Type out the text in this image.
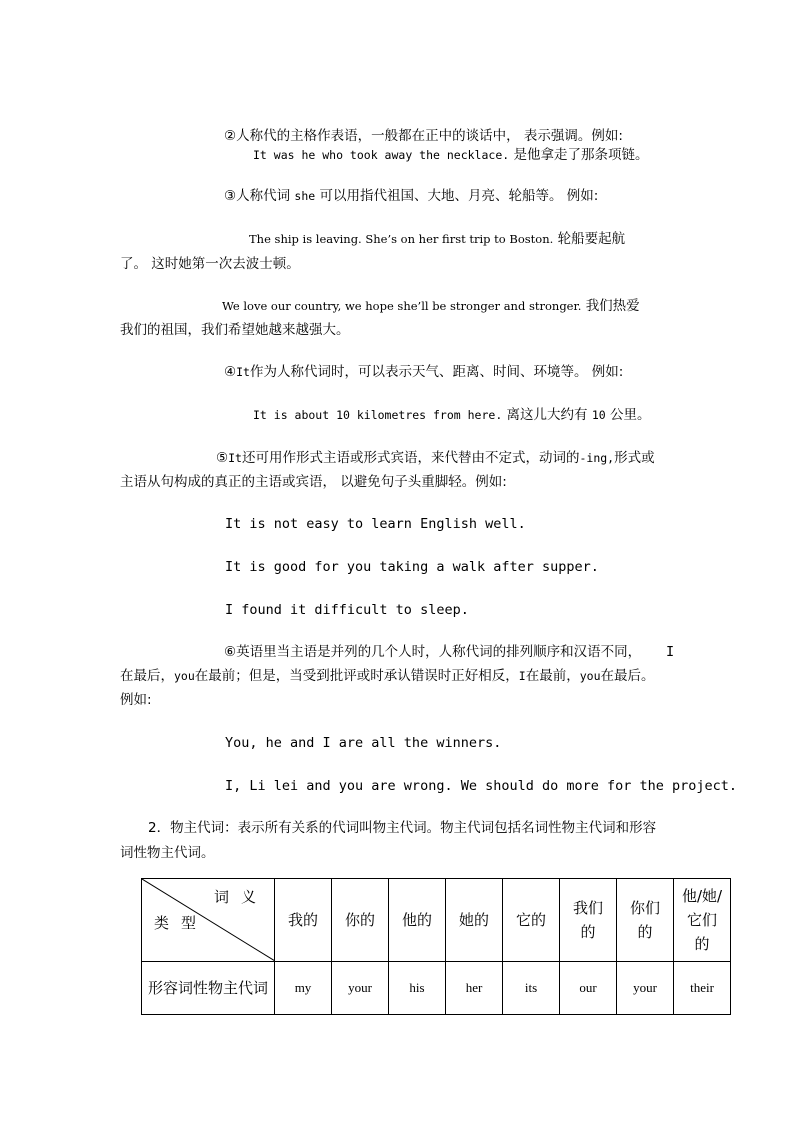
②人称代的主格作表语，一般都在正中的谈话中， 表示强调。例如:
It was he who took away the necklace. 是他拿走了那条项链。
③人称代词 she 可以用指代祖国、大地、月亮、轮船等。 例如:
The ship is leaving. She’s on her first trip to Boston. 轮船要起航
了。 这时她第一次去波士顿。
We love our country, we hope she’ll be stronger and stronger. 我们热爱
我们的祖国，我们希望她越来越强大。
④It作为人称代词时，可以表示天气、距离、时间、环境等。 例如:
It is about 10 kilometres from here. 离这儿大约有 10 公里。
⑤It还可用作形式主语或形式宾语，来代替由不定式，动词的-ing,形式或
主语从句构成的真正的主语或宾语， 以避免句子头重脚轻。例如:
It is not easy to learn English well.
It is good for you taking a walk after supper.
I found it difficult to sleep.
⑥英语里当主语是并列的几个人时，人称代词的排列顺序和汉语不同， I
在最后，you在最前；但是，当受到批评或时承认错误时正好相反，I在最前，you在最后。
例如:
You, he and I are all the winners.
I, Li lei and you are wrong. We should do more for the project.
2．物主代词：表示所有关系的代词叫物主代词。物主代词包括名词性物主代词和形容
词性物主代词。
词义
类型	我的	你的	他的	她的	它的	我们的	你们的	他/她/它们的
形容词性物主代词	my	your	his	her	its	our	your	their
